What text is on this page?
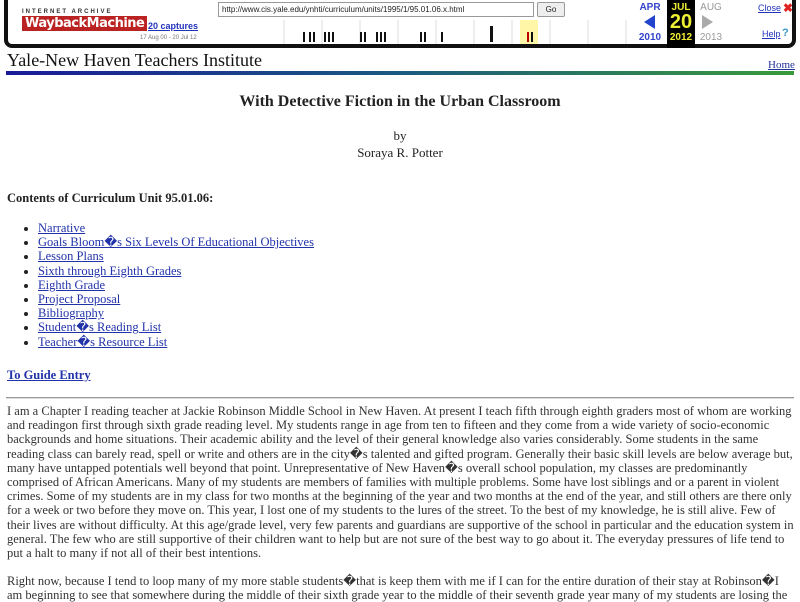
INTERNET ARCHIVE
WaybackMachine 20 captures
17 Aug 00 - 20 Jul 12
http://www.cis.yale.edu/ynhti/curriculum/units/1995/1/95.01.06.x.html	Go	APR
2010
JUL
20
2012
AUG
2013
Close ✖
Help ?
Yale-New Haven Teachers Institute	Home
With Detective Fiction in the Urban Classroom
by
Soraya R. Potter
Contents of Curriculum Unit 95.01.06:
• Narrative
• Goals Bloom�s Six Levels Of Educational Objectives
• Lesson Plans
• Sixth through Eighth Grades
• Eighth Grade
• Project Proposal
• Bibliography
• Student�s Reading List
• Teacher�s Resource List
To Guide Entry

I am a Chapter I reading teacher at Jackie Robinson Middle School in New Haven. At present I teach fifth through eighth graders most of whom are working and readingon first through sixth grade reading level. My students range in age from ten to fifteen and they come from a wide variety of socio-economic backgrounds and home situations. Their academic ability and the level of their general knowledge also varies considerably. Some students in the same reading class can barely read, spell or write and others are in the city�s talented and gifted program. Generally their basic skill levels are below average but, many have untapped potentials well beyond that point. Unrepresentative of New Haven�s overall school population, my classes are predominantly comprised of African Americans. Many of my students are members of families with multiple problems. Some have lost siblings and or a parent in violent crimes. Some of my students are in my class for two months at the beginning of the year and two months at the end of the year, and still others are there only for a week or two before they move on. This year, I lost one of my students to the lures of the street. To the best of my knowledge, he is still alive. Few of their lives are without difficulty. At this age/grade level, very few parents and guardians are supportive of the school in particular and the education system in general. The few who are still supportive of their children want to help but are not sure of the best way to go about it. The everyday pressures of life tend to put a halt to many if not all of their best intentions.

Right now, because I tend to loop many of my more stable students�that is keep them with me if I can for the entire duration of their stay at Robinson�I am beginning to see that somewhere during the middle of their sixth grade year to the middle of their seventh grade year many of my students are losing the
